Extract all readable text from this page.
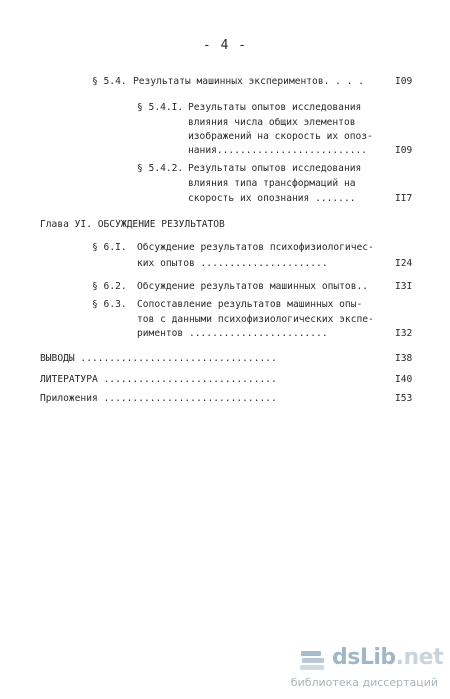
- 4 -
§ 5.4. Результаты машинных экспериментов. . . .	I09
§ 5.4.I. Результаты опытов исследования
влияния числа общих элементов
изображений на скорость их опоз-
нания..........................	I09
§ 5.4.2. Результаты опытов исследования
влияния типа трансформаций на
скорость их опознания .......	II7
Глава УI. ОБСУЖДЕНИЕ РЕЗУЛЬТАТОВ
§ 6.I. Обсуждение результатов психофизиологичес-
ких опытов ......................	I24
§ 6.2. Обсуждение результатов машинных опытов..	I3I
§ 6.3. Сопоставление результатов машинных опы-
тов с данными психофизиологических экспе-
риментов ........................	I32
ВЫВОДЫ ..................................	I38
ЛИТЕРАТУРА ..............................	I40
Приложения ..............................	I53
dsLib.net
библиотека диссертаций
